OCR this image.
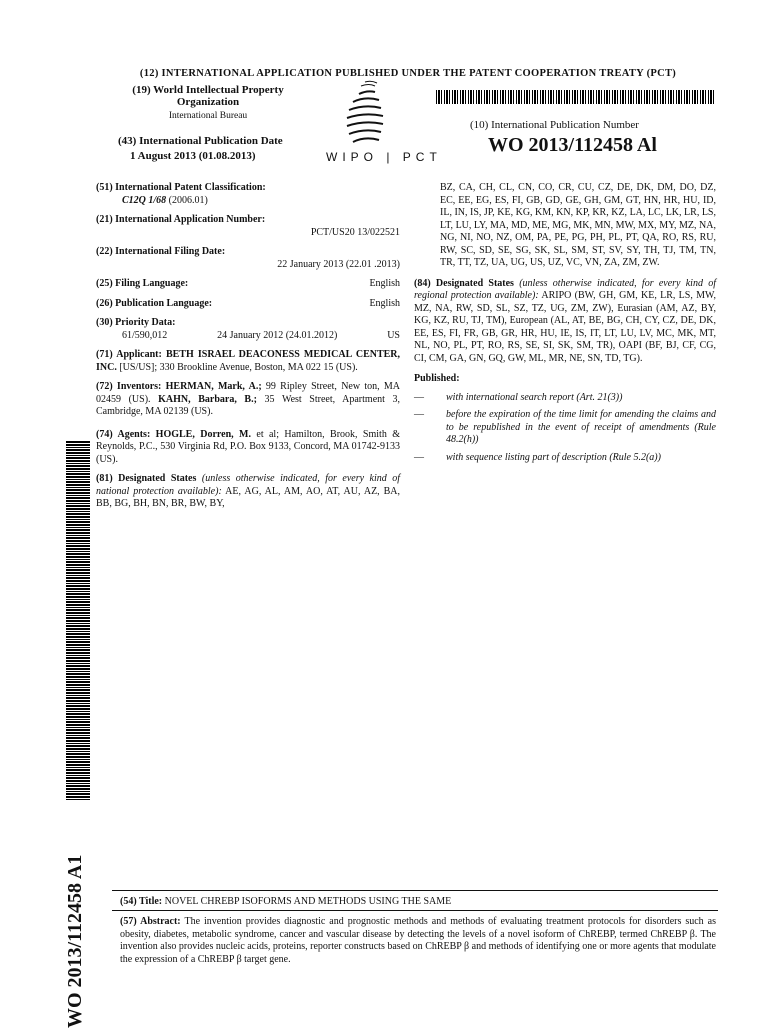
(12) INTERNATIONAL APPLICATION PUBLISHED UNDER THE PATENT COOPERATION TREATY (PCT)
(19) World Intellectual Property
Organization
International Bureau
WIPO | PCT
(10) International Publication Number
WO 2013/112458 Al
(43) International Publication Date
1 August 2013 (01.08.2013)
(51) International Patent Classification:
C12Q 1/68 (2006.01)
(21) International Application Number:
PCT/US20 13/022521
(22) International Filing Date:
22 January 2013 (22.01 .2013)
(25) Filing Language:	English
(26) Publication Language:	English
(30) Priority Data:
61/590,012	24 January 2012 (24.01.2012)	US
(71) Applicant: BETH ISRAEL DEACONESS MEDICAL CENTER, INC. [US/US]; 330 Brookline Avenue, Boston, MA 022 15 (US).
(72) Inventors: HERMAN, Mark, A.; 99 Ripley Street, New ton, MA 02459 (US). KAHN, Barbara, B.; 35 West Street, Apartment 3, Cambridge, MA 02139 (US).
(74) Agents: HOGLE, Dorren, M. et al; Hamilton, Brook, Smith & Reynolds, P.C., 530 Virginia Rd, P.O. Box 9133, Concord, MA 01742-9133 (US).
(81) Designated States (unless otherwise indicated, for every kind of national protection available): AE, AG, AL, AM, AO, AT, AU, AZ, BA, BB, BG, BH, BN, BR, BW, BY,
BZ, CA, CH, CL, CN, CO, CR, CU, CZ, DE, DK, DM, DO, DZ, EC, EE, EG, ES, FI, GB, GD, GE, GH, GM, GT, HN, HR, HU, ID, IL, IN, IS, JP, KE, KG, KM, KN, KP, KR, KZ, LA, LC, LK, LR, LS, LT, LU, LY, MA, MD, ME, MG, MK, MN, MW, MX, MY, MZ, NA, NG, NI, NO, NZ, OM, PA, PE, PG, PH, PL, PT, QA, RO, RS, RU, RW, SC, SD, SE, SG, SK, SL, SM, ST, SV, SY, TH, TJ, TM, TN, TR, TT, TZ, UA, UG, US, UZ, VC, VN, ZA, ZM, ZW.
(84) Designated States (unless otherwise indicated, for every kind of regional protection available): ARIPO (BW, GH, GM, KE, LR, LS, MW, MZ, NA, RW, SD, SL, SZ, TZ, UG, ZM, ZW), Eurasian (AM, AZ, BY, KG, KZ, RU, TJ, TM), European (AL, AT, BE, BG, CH, CY, CZ, DE, DK, EE, ES, FI, FR, GB, GR, HR, HU, IE, IS, IT, LT, LU, LV, MC, MK, MT, NL, NO, PL, PT, RO, RS, SE, SI, SK, SM, TR), OAPI (BF, BJ, CF, CG, CI, CM, GA, GN, GQ, GW, ML, MR, NE, SN, TD, TG).
Published:
—	with international search report (Art. 21(3))
—	before the expiration of the time limit for amending the claims and to be republished in the event of receipt of amendments (Rule 48.2(h))
—	with sequence listing part of description (Rule 5.2(a))
WO 2013/112458 A1	(54) Title: NOVEL CHREBP ISOFORMS AND METHODS USING THE SAME
(57) Abstract: The invention provides diagnostic and prognostic methods and methods of evaluating treatment protocols for disorders such as obesity, diabetes, metabolic syndrome, cancer and vascular disease by detecting the levels of a novel isoform of ChREBP, termed ChREBP β. The invention also provides nucleic acids, proteins, reporter constructs based on ChREBP β and methods of identifying one or more agents that modulate the expression of a ChREBP β target gene.
